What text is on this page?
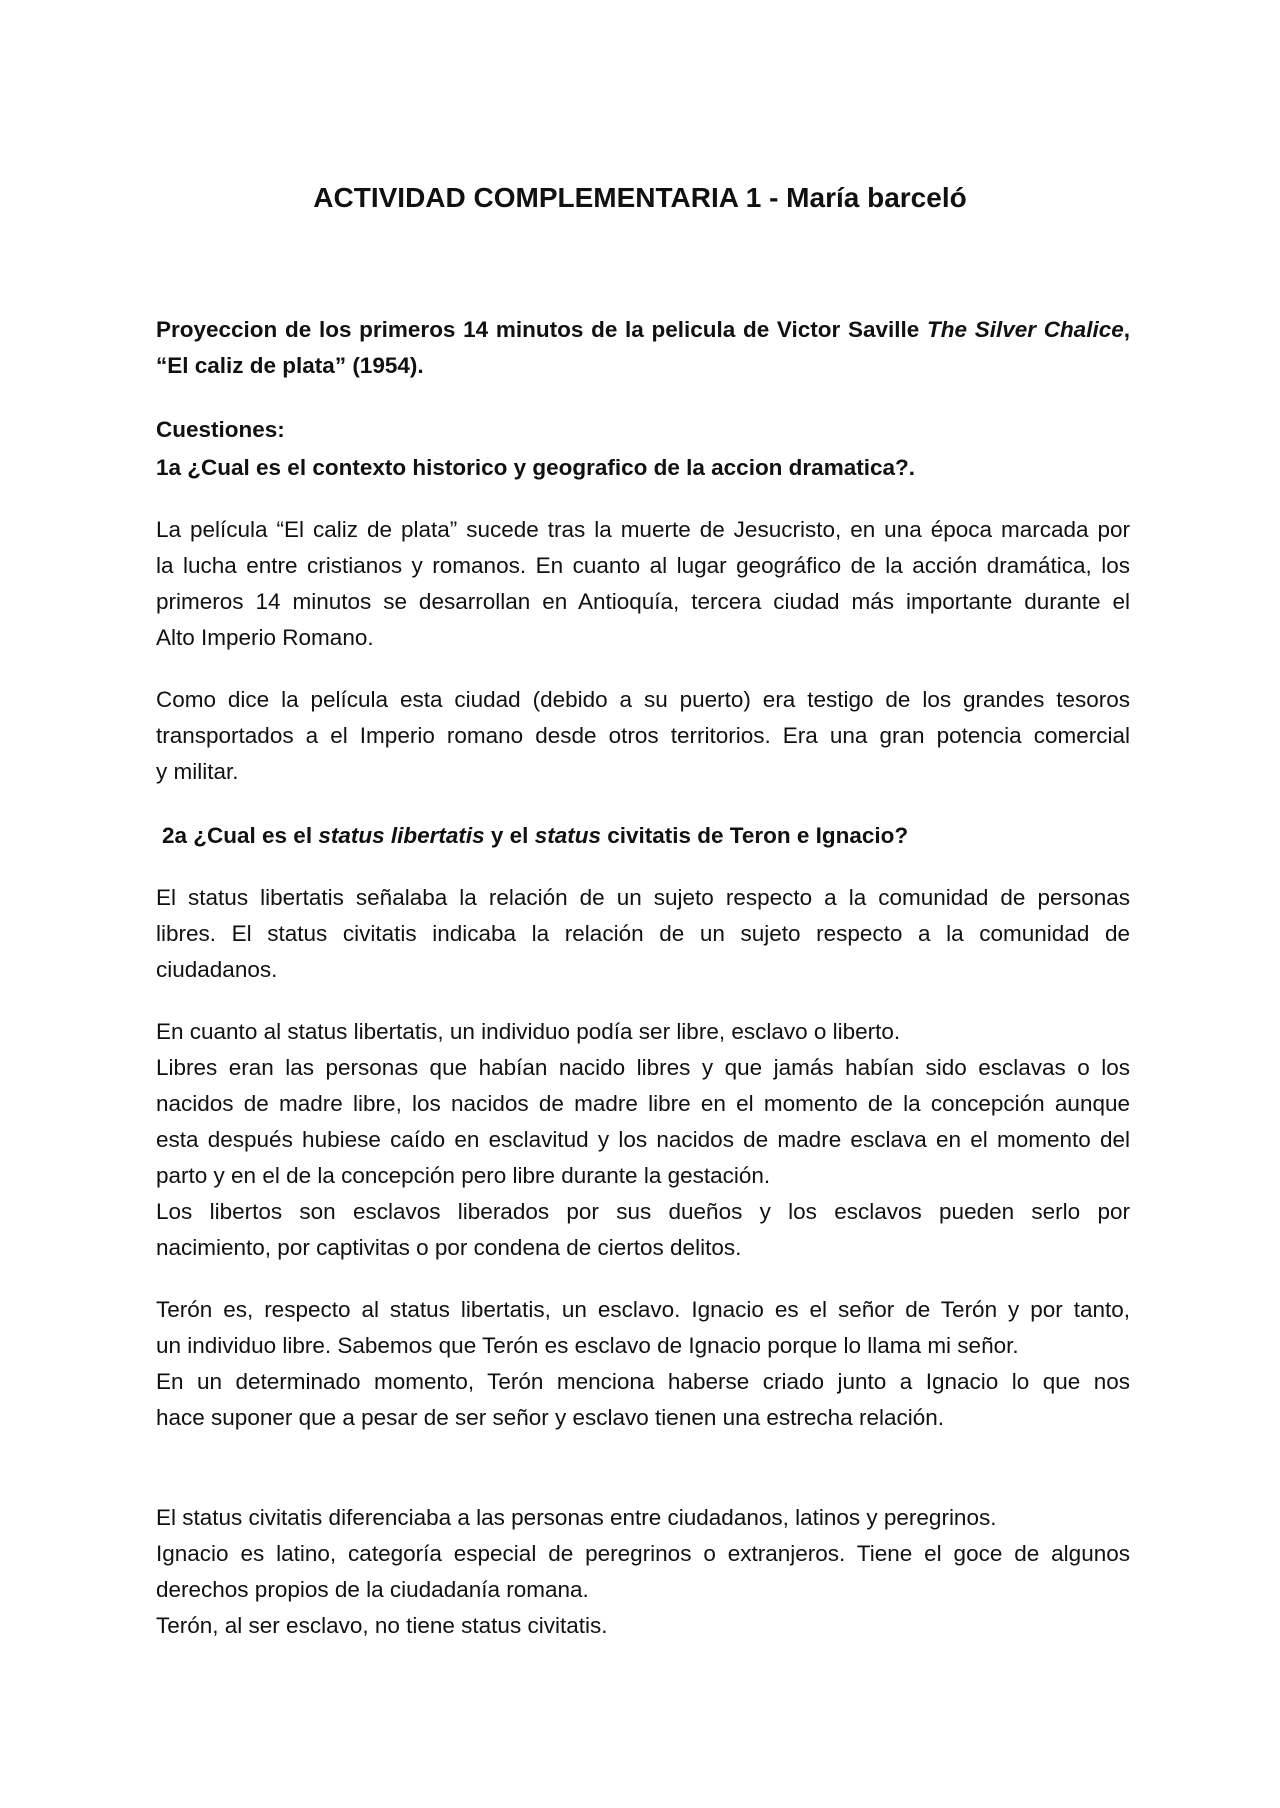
ACTIVIDAD COMPLEMENTARIA 1 - María barceló

Proyeccion de los primeros 14 minutos de la pelicula de Victor Saville The Silver Chalice,
“El caliz de plata” (1954).

Cuestiones:

1a ¿Cual es el contexto historico y geografico de la accion dramatica?.

La película “El caliz de plata” sucede tras la muerte de Jesucristo, en una época marcada por
la lucha entre cristianos y romanos. En cuanto al lugar geográfico de la acción dramática, los
primeros 14 minutos se desarrollan en Antioquía, tercera ciudad más importante durante el
Alto Imperio Romano.

Como dice la película esta ciudad (debido a su puerto) era testigo de los grandes tesoros
transportados a el Imperio romano desde otros territorios. Era una gran potencia comercial
y militar.

2a ¿Cual es el status libertatis y el status civitatis de Teron e Ignacio?

El status libertatis señalaba la relación de un sujeto respecto a la comunidad de personas
libres. El status civitatis indicaba la relación de un sujeto respecto a la comunidad de
ciudadanos.

En cuanto al status libertatis, un individuo podía ser libre, esclavo o liberto.
Libres eran las personas que habían nacido libres y que jamás habían sido esclavas o los
nacidos de madre libre, los nacidos de madre libre en el momento de la concepción aunque
esta después hubiese caído en esclavitud y los nacidos de madre esclava en el momento del
parto y en el de la concepción pero libre durante la gestación.
Los libertos son esclavos liberados por sus dueños y los esclavos pueden serlo por
nacimiento, por captivitas o por condena de ciertos delitos.

Terón es, respecto al status libertatis, un esclavo. Ignacio es el señor de Terón y por tanto,
un individuo libre. Sabemos que Terón es esclavo de Ignacio porque lo llama mi señor.
En un determinado momento, Terón menciona haberse criado junto a Ignacio lo que nos
hace suponer que a pesar de ser señor y esclavo tienen una estrecha relación.

El status civitatis diferenciaba a las personas entre ciudadanos, latinos y peregrinos.
Ignacio es latino, categoría especial de peregrinos o extranjeros. Tiene el goce de algunos
derechos propios de la ciudadanía romana.
Terón, al ser esclavo, no tiene status civitatis.
